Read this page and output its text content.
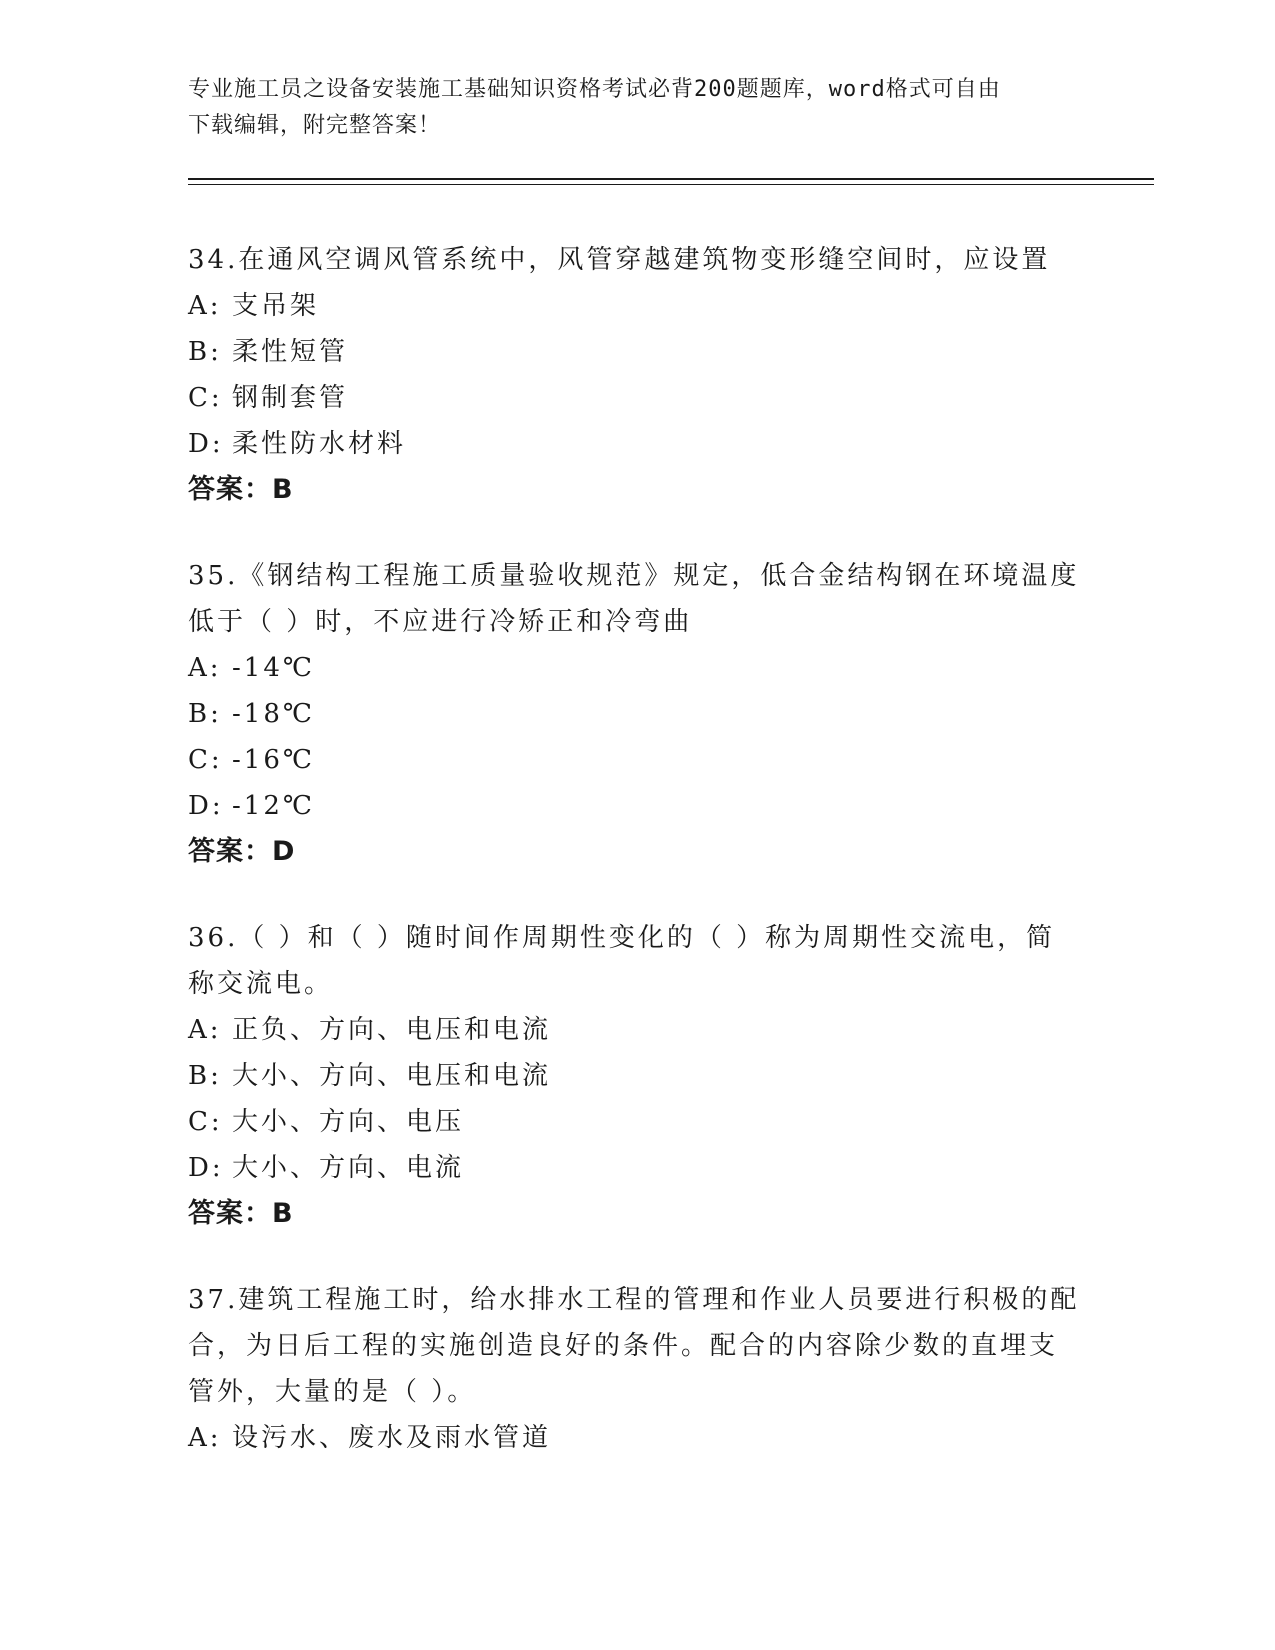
专业施工员之设备安装施工基础知识资格考试必背200题题库，word格式可自由
下载编辑，附完整答案！

34.在通风空调风管系统中，风管穿越建筑物变形缝空间时，应设置

A: 支吊架
B: 柔性短管
C: 钢制套管
D: 柔性防水材料

答案：B

35.《钢结构工程施工质量验收规范》规定，低合金结构钢在环境温度

低于（ ）时，不应进行冷矫正和冷弯曲

A: -14℃
B: -18℃
C: -16℃
D: -12℃

答案：D

36.（ ）和（ ）随时间作周期性变化的（ ）称为周期性交流电，简

称交流电。

A: 正负、方向、电压和电流
B: 大小、方向、电压和电流
C: 大小、方向、电压
D: 大小、方向、电流

答案：B

37.建筑工程施工时，给水排水工程的管理和作业人员要进行积极的配

合，为日后工程的实施创造良好的条件。配合的内容除少数的直埋支

管外，大量的是（ ）。

A: 设污水、废水及雨水管道
